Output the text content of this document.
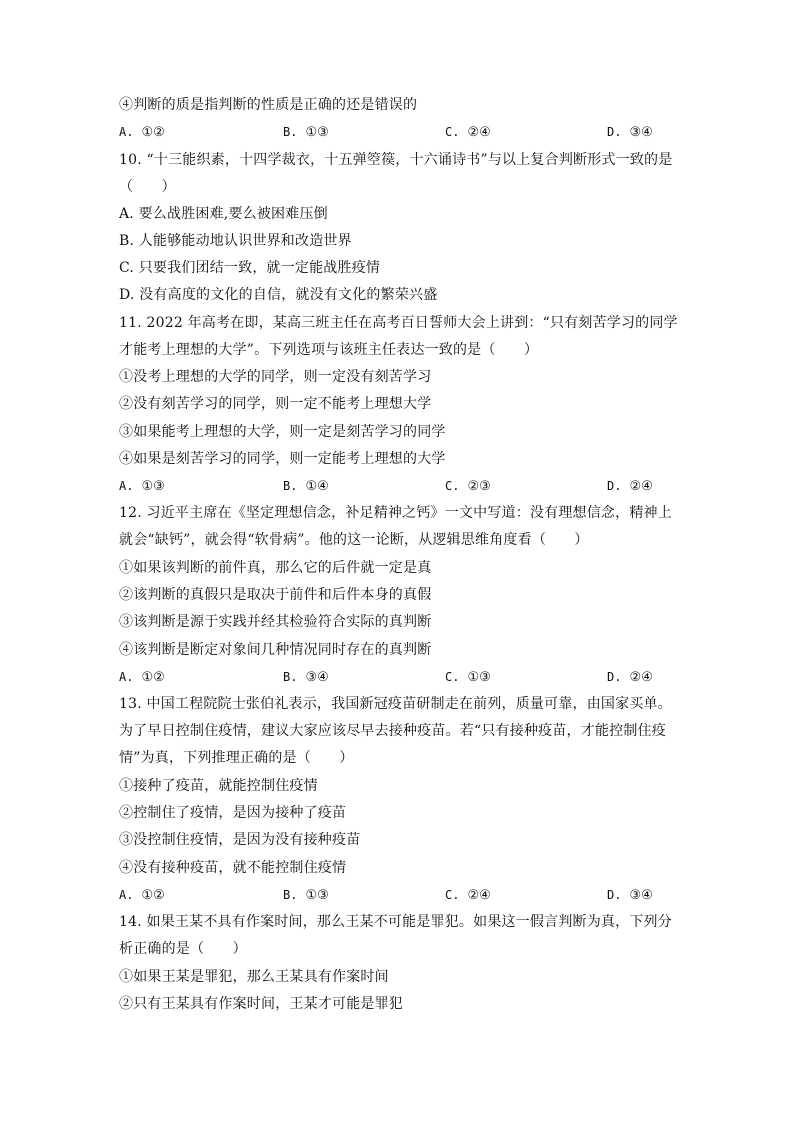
④判断的质是指判断的性质是正确的还是错误的
A. ①②	B. ①③	C. ②④	D. ③④
10. “十三能织素，十四学裁衣，十五弹箜篌，十六诵诗书”与以上复合判断形式一致的是
（　　）
A. 要么战胜困难,要么被困难压倒
B. 人能够能动地认识世界和改造世界
C. 只要我们团结一致，就一定能战胜疫情
D. 没有高度的文化的自信，就没有文化的繁荣兴盛
11. 2022 年高考在即，某高三班主任在高考百日誓师大会上讲到：“只有刻苦学习的同学
才能考上理想的大学”。下列选项与该班主任表达一致的是（　　）
①没考上理想的大学的同学，则一定没有刻苦学习
②没有刻苦学习的同学，则一定不能考上理想大学
③如果能考上理想的大学，则一定是刻苦学习的同学
④如果是刻苦学习的同学，则一定能考上理想的大学
A. ①③	B. ①④	C. ②③	D. ②④
12. 习近平主席在《坚定理想信念，补足精神之钙》一文中写道：没有理想信念，精神上
就会“缺钙”，就会得“软骨病”。他的这一论断，从逻辑思维角度看（　　）
①如果该判断的前件真，那么它的后件就一定是真
②该判断的真假只是取决于前件和后件本身的真假
③该判断是源于实践并经其检验符合实际的真判断
④该判断是断定对象间几种情况同时存在的真判断
A. ①②	B. ③④	C. ①③	D. ②④
13. 中国工程院院士张伯礼表示，我国新冠疫苗研制走在前列，质量可靠，由国家买单。
为了早日控制住疫情，建议大家应该尽早去接种疫苗。若“只有接种疫苗，才能控制住疫
情”为真，下列推理正确的是（　　）
①接种了疫苗，就能控制住疫情
②控制住了疫情，是因为接种了疫苗
③没控制住疫情，是因为没有接种疫苗
④没有接种疫苗，就不能控制住疫情
A. ①②	B. ①③	C. ②④	D. ③④
14. 如果王某不具有作案时间，那么王某不可能是罪犯。如果这一假言判断为真，下列分
析正确的是（　　）
①如果王某是罪犯，那么王某具有作案时间
②只有王某具有作案时间，王某才可能是罪犯
